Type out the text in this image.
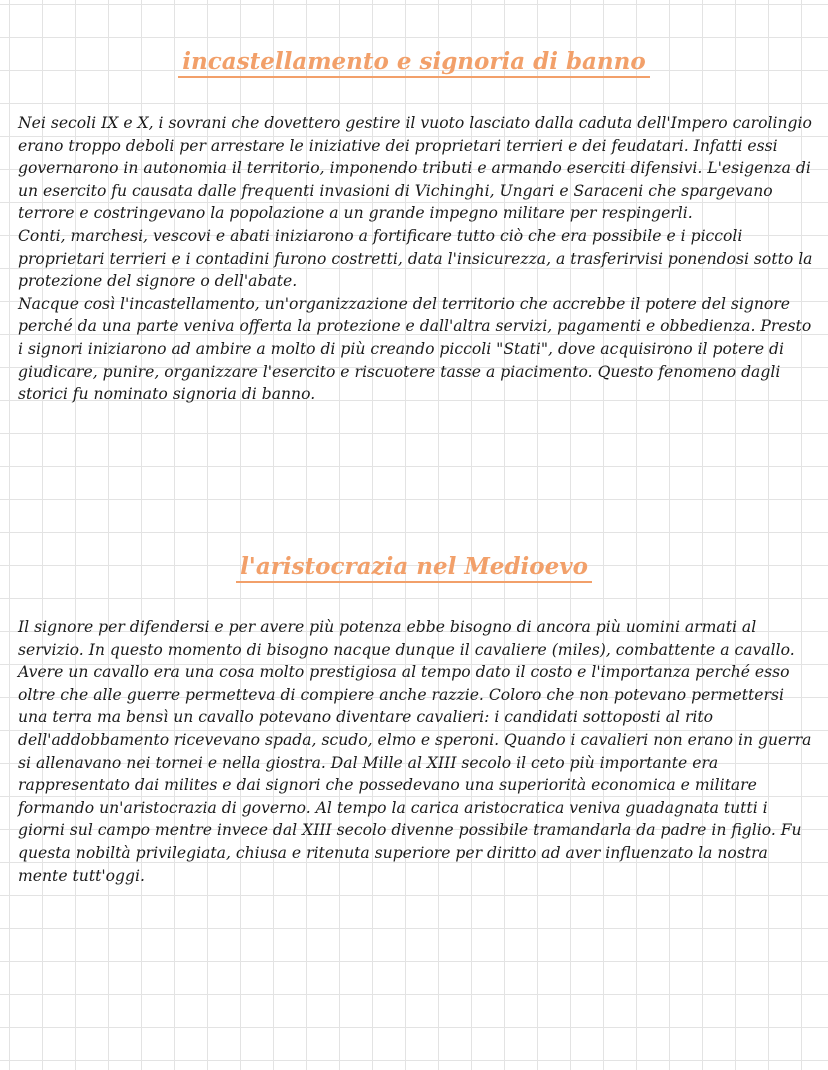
incastellamento e signoria di banno

Nei secoli IX e X, i sovrani che dovettero gestire il vuoto lasciato dalla caduta dell'Impero carolingio erano troppo deboli per arrestare le iniziative dei proprietari terrieri e dei feudatari. Infatti essi governarono in autonomia il territorio, imponendo tributi e armando eserciti difensivi. L'esigenza di un esercito fu causata dalle frequenti invasioni di Vichinghi, Ungari e Saraceni che spargevano terrore e costringevano la popolazione a un grande impegno militare per respingerli.
Conti, marchesi, vescovi e abati iniziarono a fortificare tutto ciò che era possibile e i piccoli proprietari terrieri e i contadini furono costretti, data l'insicurezza, a trasferirvisi ponendosi sotto la protezione del signore o dell'abate.
Nacque così l'incastellamento, un'organizzazione del territorio che accrebbe il potere del signore perché da una parte veniva offerta la protezione e dall'altra servizi, pagamenti e obbedienza. Presto i signori iniziarono ad ambire a molto di più creando piccoli "Stati", dove acquisirono il potere di giudicare, punire, organizzare l'esercito e riscuotere tasse a piacimento. Questo fenomeno dagli storici fu nominato signoria di banno.

l'aristocrazia nel Medioevo

Il signore per difendersi e per avere più potenza ebbe bisogno di ancora più uomini armati al servizio. In questo momento di bisogno nacque dunque il cavaliere (miles), combattente a cavallo. Avere un cavallo era una cosa molto prestigiosa al tempo dato il costo e l'importanza perché esso oltre che alle guerre permetteva di compiere anche razzie. Coloro che non potevano permettersi una terra ma bensì un cavallo potevano diventare cavalieri: i candidati sottoposti al rito dell'addobbamento ricevevano spada, scudo, elmo e speroni. Quando i cavalieri non erano in guerra si allenavano nei tornei e nella giostra. Dal Mille al XIII secolo il ceto più importante era rappresentato dai milites e dai signori che possedevano una superiorità economica e militare formando un'aristocrazia di governo. Al tempo la carica aristocratica veniva guadagnata tutti i giorni sul campo mentre invece dal XIII secolo divenne possibile tramandarla da padre in figlio. Fu questa nobiltà privilegiata, chiusa e ritenuta superiore per diritto ad aver influenzato la nostra mente tutt'oggi.
